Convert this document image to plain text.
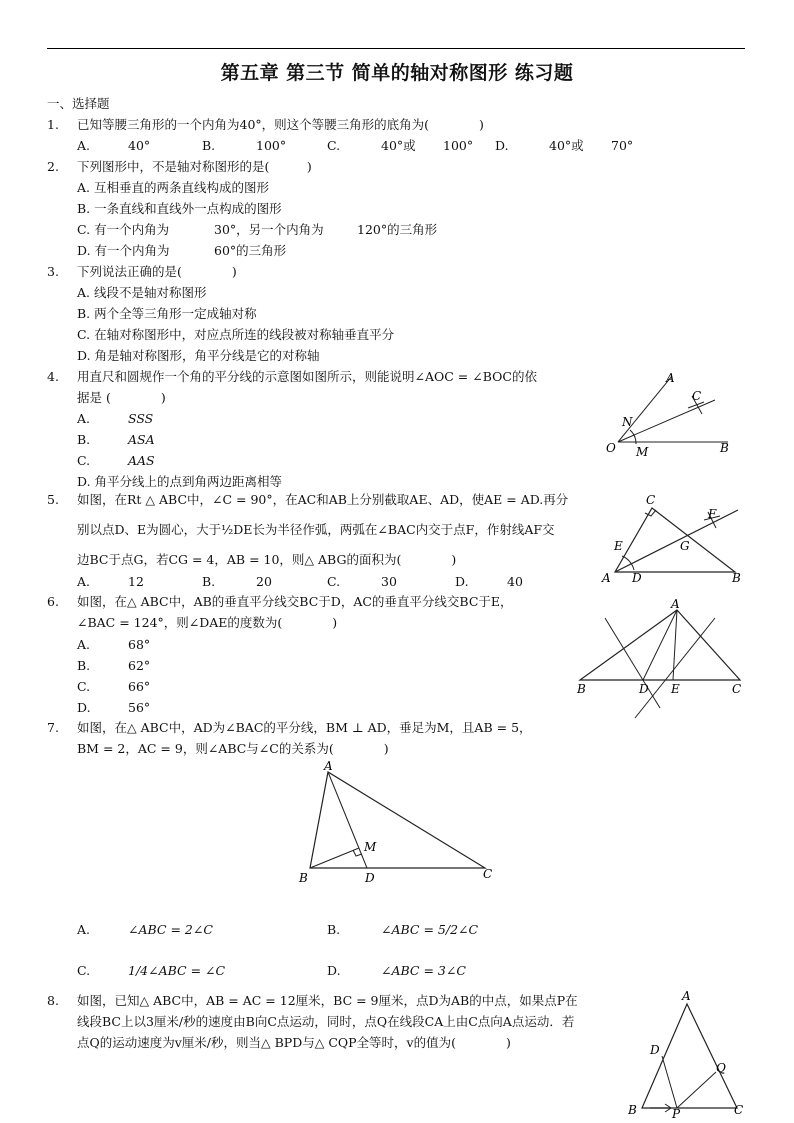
第五章 第三节 简单的轴对称图形 练习题
一、选择题
1. 已知等腰三角形的一个内角为40°，则这个等腰三角形的底角为(　　　　)
A.	40°	B.	100°	C.	40°或 100° D.	40°或 70°
2. 下列图形中，不是轴对称图形的是(　　　)
A. 互相垂直的两条直线构成的图形
B. 一条直线和直线外一点构成的图形
C. 有一个内角为	30°，另一个内角为	120°的三角形
D. 有一个内角为	60°的三角形
3. 下列说法正确的是(　　　　)
A. 线段不是轴对称图形
B. 两个全等三角形一定成轴对称
C. 在轴对称图形中，对应点所连的线段被对称轴垂直平分
D. 角是轴对称图形，角平分线是它的对称轴
4. 用直尺和圆规作一个角的平分线的示意图如图所示，则能说明∠AOC = ∠BOC的依
据是 (　　　　)
A.	SSS
B.	ASA
C.	AAS
D. 角平分线上的点到角两边距离相等
A
C
N
O M	B
5. 如图，在Rt △ ABC中，∠C = 90°，在AC和AB上分别截取AE、AD，使AE = AD.再分
别以点D、E为圆心，大于½DE长为半径作弧，两弧在∠BAC内交于点F，作射线AF交
边BC于点G，若CG = 4，AB = 10，则△ ABG的面积为(　　　　)
A.	12	B.	20	C.	30	D.	40
C
F
E	G
A D	B
6. 如图，在△ ABC中，AB的垂直平分线交BC于D，AC的垂直平分线交BC于E，
∠BAC = 124°，则∠DAE的度数为(　　　　)
A.	68°
B.	62°
C.	66°
D.	56°
A
B	D E	C
7. 如图，在△ ABC中，AD为∠BAC的平分线，BM ⊥ AD，垂足为M，且AB = 5，
BM = 2，AC = 9，则∠ABC与∠C的关系为(　　　　)
A
M
B	D	C
A.	∠ABC = 2∠C	B.	∠ABC = 5/2∠C
C.	1/4∠ABC = ∠C	D.	∠ABC = 3∠C
8. 如图，已知△ ABC中，AB = AC = 12厘米，BC = 9厘米，点D为AB的中点，如果点P在
线段BC上以3厘米/秒的速度由B向C点运动，同时，点Q在线段CA上由C点向A点运动．若
点Q的运动速度为v厘米/秒，则当△ BPD与△ CQP全等时，v的值为(　　　　)
A
D
Q
B	P	C
